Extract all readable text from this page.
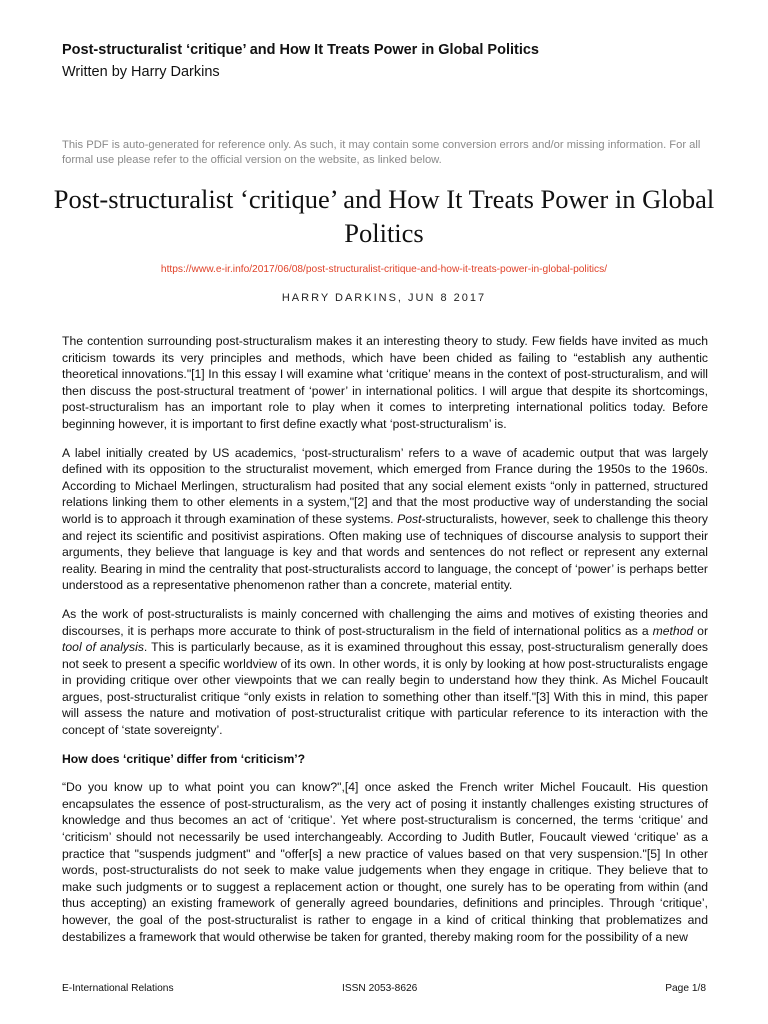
Post-structuralist ‘critique’ and How It Treats Power in Global Politics
Written by Harry Darkins
This PDF is auto-generated for reference only. As such, it may contain some conversion errors and/or missing information. For all formal use please refer to the official version on the website, as linked below.
Post-structuralist ‘critique’ and How It Treats Power in Global Politics
https://www.e-ir.info/2017/06/08/post-structuralist-critique-and-how-it-treats-power-in-global-politics/
HARRY DARKINS, JUN 8 2017

The contention surrounding post-structuralism makes it an interesting theory to study. Few fields have invited as much criticism towards its very principles and methods, which have been chided as failing to “establish any authentic theoretical innovations."[1] In this essay I will examine what ‘critique’ means in the context of post-structuralism, and will then discuss the post-structural treatment of ‘power’ in international politics. I will argue that despite its shortcomings, post-structuralism has an important role to play when it comes to interpreting international politics today. Before beginning however, it is important to first define exactly what ‘post-structuralism’ is.

A label initially created by US academics, ‘post-structuralism’ refers to a wave of academic output that was largely defined with its opposition to the structuralist movement, which emerged from France during the 1950s to the 1960s. According to Michael Merlingen, structuralism had posited that any social element exists “only in patterned, structured relations linking them to other elements in a system,"[2] and that the most productive way of understanding the social world is to approach it through examination of these systems. Post-structuralists, however, seek to challenge this theory and reject its scientific and positivist aspirations. Often making use of techniques of discourse analysis to support their arguments, they believe that language is key and that words and sentences do not reflect or represent any external reality. Bearing in mind the centrality that post-structuralists accord to language, the concept of ‘power’ is perhaps better understood as a representative phenomenon rather than a concrete, material entity.

As the work of post-structuralists is mainly concerned with challenging the aims and motives of existing theories and discourses, it is perhaps more accurate to think of post-structuralism in the field of international politics as a method or tool of analysis. This is particularly because, as it is examined throughout this essay, post-structuralism generally does not seek to present a specific worldview of its own. In other words, it is only by looking at how post-structuralists engage in providing critique over other viewpoints that we can really begin to understand how they think. As Michel Foucault argues, post-structuralist critique “only exists in relation to something other than itself."[3] With this in mind, this paper will assess the nature and motivation of post-structuralist critique with particular reference to its interaction with the concept of ‘state sovereignty’.

How does ‘critique’ differ from ‘criticism’?

“Do you know up to what point you can know?",[4] once asked the French writer Michel Foucault. His question encapsulates the essence of post-structuralism, as the very act of posing it instantly challenges existing structures of knowledge and thus becomes an act of ‘critique’. Yet where post-structuralism is concerned, the terms ‘critique’ and ‘criticism’ should not necessarily be used interchangeably. According to Judith Butler, Foucault viewed ‘critique’ as a practice that "suspends judgment" and "offer[s] a new practice of values based on that very suspension."[5] In other words, post-structuralists do not seek to make value judgements when they engage in critique. They believe that to make such judgments or to suggest a replacement action or thought, one surely has to be operating from within (and thus accepting) an existing framework of generally agreed boundaries, definitions and principles. Through ‘critique’, however, the goal of the post-structuralist is rather to engage in a kind of critical thinking that problematizes and destabilizes a framework that would otherwise be taken for granted, thereby making room for the possibility of a new

E-International Relations	ISSN 2053-8626	Page 1/8
